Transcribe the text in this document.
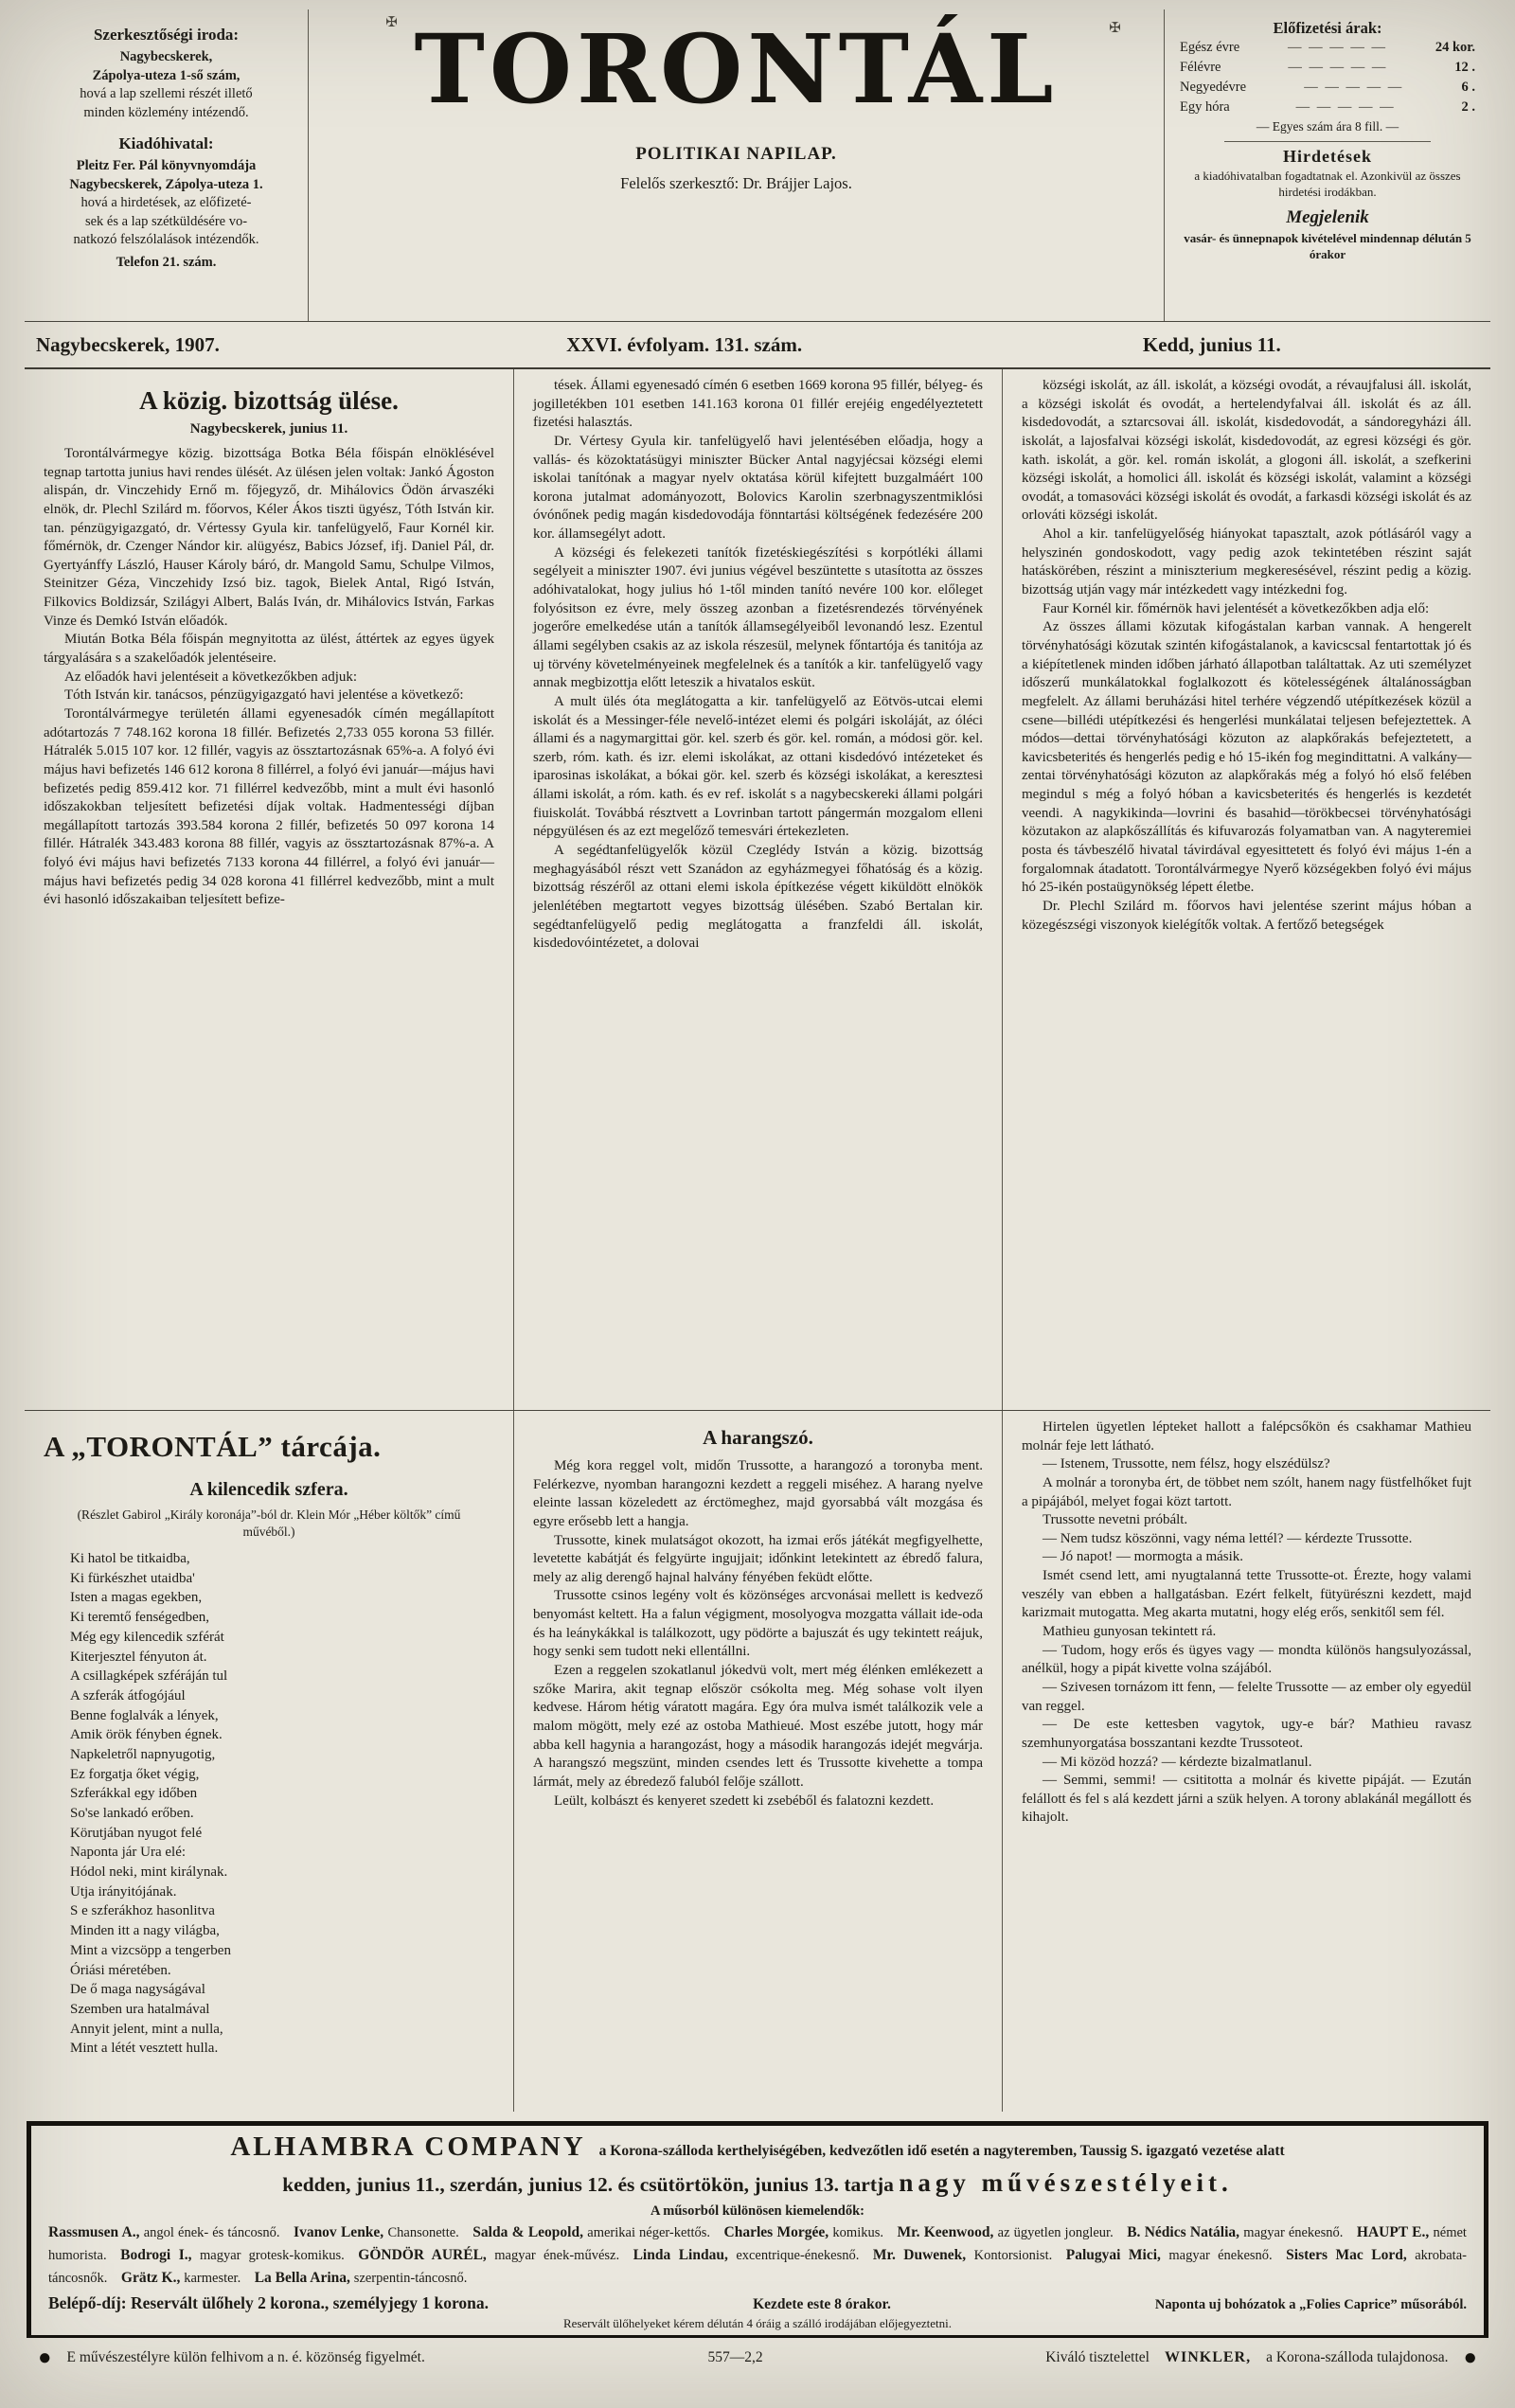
Szerkesztőségi iroda:
Nagybecskerek,
Zápolya-uteza 1-ső szám,
hová a lap szellemi részét illető
minden közlemény intézendő.
Kiadóhivatal:
Pleitz Fer. Pál könyvnyomdája
Nagybecskerek, Zápolya-uteza 1.
hová a hirdetések, az előfizeté-
sek és a lap szétküldésére vo-
natkozó felszólalások intézendők.
Telefon 21. szám.
✠	✠
TORONTÁL
POLITIKAI NAPILAP.
Felelős szerkesztő: Dr. Brájjer Lajos.
Előfizetési árak:
Egész évre	— — — — —	24 kor.
Félévre	— — — — —	12 .
Negyedévre	— — — — —	6 .
Egy hóra	— — — — —	2 .
— Egyes szám ára 8 fill. —
Hirdetések
a kiadóhivatalban fogadtatnak el. Azonkivül az összes hirdetési irodákban.
Megjelenik
vasár- és ünnepnapok kivételével mindennap délután 5 órakor
Nagybecskerek, 1907.	XXVI. évfolyam. 131. szám.	Kedd, junius 11.
A közig. bizottság ülése.
Nagybecskerek, junius 11.

Torontálvármegye közig. bizottsága Botka Béla főispán elnöklésével tegnap tartotta junius havi rendes ülését. Az ülésen jelen voltak: Jankó Ágoston alispán, dr. Vinczehidy Ernő m. főjegyző, dr. Mihálovics Ödön árvaszéki elnök, dr. Plechl Szilárd m. főorvos, Kéler Ákos tiszti ügyész, Tóth István kir. tan. pénzügyigazgató, dr. Vértessy Gyula kir. tanfelügyelő, Faur Kornél kir. főmérnök, dr. Czenger Nándor kir. alügyész, Babics József, ifj. Daniel Pál, dr. Gyertyánffy László, Hauser Károly báró, dr. Mangold Samu, Schulpe Vilmos, Steinitzer Géza, Vinczehidy Izsó biz. tagok, Bielek Antal, Rigó István, Filkovics Boldizsár, Szilágyi Albert, Balás Iván, dr. Mihálovics István, Farkas Vinze és Demkó István előadók.

Miután Botka Béla főispán megnyitotta az ülést, áttértek az egyes ügyek tárgyalására s a szakelőadók jelentéseire.

Az előadók havi jelentéseit a következőkben adjuk:

Tóth István kir. tanácsos, pénzügyigazgató havi jelentése a következő:

Torontálvármegye területén állami egyenesadók címén megállapított adótartozás 7 748.162 korona 18 fillér. Befizetés 2,733 055 korona 53 fillér. Hátralék 5.015 107 kor. 12 fillér, vagyis az össztartozásnak 65%-a. A folyó évi május havi befizetés 146 612 korona 8 fillérrel, a folyó évi január—május havi befizetés pedig 859.412 kor. 71 fillérrel kedvezőbb, mint a mult évi hasonló időszakokban teljesített befizetési díjak voltak. Hadmentességi díjban megállapított tartozás 393.584 korona 2 fillér, befizetés 50 097 korona 14 fillér. Hátralék 343.483 korona 88 fillér, vagyis az össztartozásnak 87%-a. A folyó évi május havi befizetés 7133 korona 44 fillérrel, a folyó évi január—május havi befizetés pedig 34 028 korona 41 fillérrel kedvezőbb, mint a mult évi hasonló időszakaiban teljesített befize-

tések. Állami egyenesadó címén 6 esetben 1669 korona 95 fillér, bélyeg- és jogilletékben 101 esetben 141.163 korona 01 fillér erejéig engedélyeztetett fizetési halasztás.

Dr. Vértesy Gyula kir. tanfelügyelő havi jelentésében előadja, hogy a vallás- és közoktatásügyi miniszter Bücker Antal nagyjécsai községi elemi iskolai tanítónak a magyar nyelv oktatása körül kifejtett buzgalmáért 100 korona jutalmat adományozott, Bolovics Karolin szerbnagyszentmiklósi óvónőnek pedig magán kisdedovodája fönntartási költségének fedezésére 200 kor. államsegélyt adott.

A községi és felekezeti tanítók fizetéskiegészítési s korpótléki állami segélyeit a miniszter 1907. évi junius végével beszüntette s utasította az összes adóhivatalokat, hogy julius hó 1-től minden tanító nevére 100 kor. előleget folyósitson ez évre, mely összeg azonban a fizetésrendezés törvényének jogerőre emelkedése után a tanítók államsegélyeiből levonandó lesz. Ezentul állami segélyben csakis az az iskola részesül, melynek főntartója és tanitója az uj törvény követelményeinek megfelelnek és a tanítók a kir. tanfelügyelő vagy annak megbizottja előtt leteszik a hivatalos esküt.

A mult ülés óta meglátogatta a kir. tanfelügyelő az Eötvös-utcai elemi iskolát és a Messinger-féle nevelő-intézet elemi és polgári iskoláját, az óléci állami és a nagymargittai gör. kel. szerb és gör. kel. román, a módosi gör. kel. szerb, róm. kath. és izr. elemi iskolákat, az ottani kisdedóvó intézeteket és iparosinas iskolákat, a bókai gör. kel. szerb és községi iskolákat, a keresztesi állami iskolát, a róm. kath. és ev ref. iskolát s a nagybecskereki állami polgári fiuiskolát. Továbbá résztvett a Lovrinban tartott pángermán mozgalom elleni népgyülésen és az ezt megelőző temesvári értekezleten.

A segédtanfelügyelők közül Czeglédy István a közig. bizottság meghagyásából részt vett Szanádon az egyházmegyei főhatóság és a közig. bizottság részéről az ottani elemi iskola építkezése végett kiküldött elnökök jelenlétében megtartott vegyes bizottság ülésében. Szabó Bertalan kir. segédtanfelügyelő pedig meglátogatta a franzfeldi áll. iskolát, kisdedovóintézetet, a dolovai

községi iskolát, az áll. iskolát, a községi ovodát, a révaujfalusi áll. iskolát, a községi iskolát és ovodát, a hertelendyfalvai áll. iskolát és az áll. kisdedovodát, a sztarcsovai áll. iskolát, kisdedovodát, a sándoregyházi áll. iskolát, a lajosfalvai községi iskolát, kisdedovodát, az egresi községi és gör. kath. iskolát, a gör. kel. román iskolát, a glogoni áll. iskolát, a szefkerini községi iskolát, a homolici áll. iskolát és községi iskolát, valamint a községi ovodát, a tomasováci községi iskolát és ovodát, a farkasdi községi iskolát és az orlováti községi iskolát.

Ahol a kir. tanfelügyelőség hiányokat tapasztalt, azok pótlásáról vagy a helyszinén gondoskodott, vagy pedig azok tekintetében részint saját hatáskörében, részint a miniszterium megkeresésével, részint pedig a közig. bizottság utján vagy már intézkedett vagy intézkedni fog.

Faur Kornél kir. főmérnök havi jelentését a következőkben adja elő:

Az összes állami közutak kifogástalan karban vannak. A hengerelt törvényhatósági közutak szintén kifogástalanok, a kavicscsal fentartottak jó és a kiépítetlenek minden időben járható állapotban találtattak. Az uti személyzet időszerű munkálatokkal foglalkozott és kötelességének általánosságban megfelelt. Az állami beruházási hitel terhére végzendő utépítkezések közül a csene—billédi utépítkezési és hengerlési munkálatai teljesen befejeztettek. A módos—dettai törvényhatósági közuton az alapkőrakás befejeztetett, a kavicsbeterités és hengerlés pedig e hó 15-ikén fog megindittatni. A valkány—zentai törvényhatósági közuton az alapkőrakás még a folyó hó első felében megindul s még a folyó hóban a kavicsbeterités és hengerlés is kezdetét veendi. A nagykikinda—lovrini és basahid—törökbecsei törvényhatósági közutakon az alapkőszállítás és kifuvarozás folyamatban van. A nagyteremiei posta és távbeszélő hivatal távirdával egyesittetett és folyó évi május 1-én a forgalomnak átadatott. Torontálvármegye Nyerő községekben folyó évi május hó 25-ikén postaügynökség lépett életbe.

Dr. Plechl Szilárd m. főorvos havi jelentése szerint május hóban a közegészségi viszonyok kielégítők voltak. A fertőző betegségek

A „TORONTÁL” tárcája.
A kilencedik szfera.
(Részlet Gabirol „Király koronája”-ból dr. Klein Mór „Héber költők” című művéből.)
Ki hatol be titkaidba,
Ki fürkészhet utaidba'
Isten a magas egekben,
Ki teremtő fenségedben,
Még egy kilencedik szférát
Kiterjesztel fényuton át.
A csillagképek szféráján tul
A szferák átfogójául
Benne foglalvák a lények,
Amik örök fényben égnek.
Napkeletről napnyugotig,
Ez forgatja őket végig,
Szferákkal egy időben
So'se lankadó erőben.
Körutjában nyugot felé
Naponta jár Ura elé:
Hódol neki, mint királynak.
Utja irányitójának.
S e szferákhoz hasonlitva
Minden itt a nagy világba,
Mint a vizcsöpp a tengerben
Óriási méretében.
De ő maga nagyságával
Szemben ura hatalmával
Annyit jelent, mint a nulla,
Mint a létét vesztett hulla.
A harangszó.

Még kora reggel volt, midőn Trussotte, a harangozó a toronyba ment. Felérkezve, nyomban harangozni kezdett a reggeli miséhez. A harang nyelve eleinte lassan közeledett az érctömeghez, majd gyorsabbá vált mozgása és egyre erősebb lett a hangja.

Trussotte, kinek mulatságot okozott, ha izmai erős játékát megfigyelhette, levetette kabátját és felgyürte ingujjait; időnkint letekintett az ébredő falura, mely az alig derengő hajnal halvány fényében feküdt előtte.

Trussotte csinos legény volt és közönséges arcvonásai mellett is kedvező benyomást keltett. Ha a falun végigment, mosolyogva mozgatta vállait ide-oda és ha leánykákkal is találkozott, ugy pödörte a bajuszát és ugy tekintett reájuk, hogy senki sem tudott neki ellentállni.

Ezen a reggelen szokatlanul jókedvü volt, mert még élénken emlékezett a szőke Marira, akit tegnap először csókolta meg. Még sohase volt ilyen kedvese. Három hétig váratott magára. Egy óra mulva ismét találkozik vele a malom mögött, mely ezé az ostoba Mathieué. Most eszébe jutott, hogy már abba kell hagynia a harangozást, hogy a második harangozás idejét megvárja. A harangszó megszünt, minden csendes lett és Trussotte kivehette a tompa lármát, mely az ébredező faluból felője szállott.

Leült, kolbászt és kenyeret szedett ki zsebéből és falatozni kezdett.

Hirtelen ügyetlen lépteket hallott a falépcsőkön és csakhamar Mathieu molnár feje lett látható.

— Istenem, Trussotte, nem félsz, hogy elszédülsz?

A molnár a toronyba ért, de többet nem szólt, hanem nagy füstfelhőket fujt a pipájából, melyet fogai közt tartott.

Trussotte nevetni próbált.

— Nem tudsz köszönni, vagy néma lettél? — kérdezte Trussotte.

— Jó napot! — mormogta a másik.

Ismét csend lett, ami nyugtalanná tette Trussotte-ot. Érezte, hogy valami veszély van ebben a hallgatásban. Ezért felkelt, fütyürészni kezdett, majd karizmait mutogatta. Meg akarta mutatni, hogy elég erős, senkitől sem fél.

Mathieu gunyosan tekintett rá.

— Tudom, hogy erős és ügyes vagy — mondta különös hangsulyozással, anélkül, hogy a pipát kivette volna szájából.

— Szivesen tornázom itt fenn, — felelte Trussotte — az ember oly egyedül van reggel.

— De este kettesben vagytok, ugy-e bár? Mathieu ravasz szemhunyorgatása bosszantani kezdte Trussoteot.

— Mi közöd hozzá? — kérdezte bizalmatlanul.

— Semmi, semmi! — csititotta a molnár és kivette pipáját. — Ezután felállott és fel s alá kezdett járni a szük helyen. A torony ablakánál megállott és kihajolt.

ALHAMBRA COMPANY a Korona-szálloda kerthelyiségében, kedvezőtlen idő esetén a nagyteremben, Taussig S. igazgató vezetése alatt
kedden, junius 11., szerdán, junius 12. és csütörtökön, junius 13. tartja nagy művészestélyeit.
A műsorból különösen kiemelendők:
Rassmusen A., angol ének- és táncosnő. Ivanov Lenke, Chansonette. Salda & Leopold, amerikai néger-kettős. Charles Morgée, komikus. Mr. Keenwood, az ügyetlen jongleur. B. Nédics Natália, magyar énekesnő. HAUPT E., német humorista. Bodrogi I., magyar grotesk-komikus. GÖNDÖR AURÉL, magyar ének-művész. Linda Lindau, excentrique-énekesnő. Mr. Duwenek, Kontorsionist. Palugyai Mici, magyar énekesnő. Sisters Mac Lord, akrobata-táncosnők. Grätz K., karmester. La Bella Arina, szerpentin-táncosnő. 
Belépő-díj: Reservált ülőhely 2 korona., személyjegy 1 korona.	Kezdete este 8 órakor.	Naponta uj bohózatok a „Folies Caprice” műsorából.
Reservált ülőhelyeket kérem délután 4 óráig a szálló irodájában előjegyeztetni.
● E művészestélyre külön felhivom a n. é. közönség figyelmét.	557—2,2	Kiváló tisztelettel WINKLER, a Korona-szálloda tulajdonosa. ●
